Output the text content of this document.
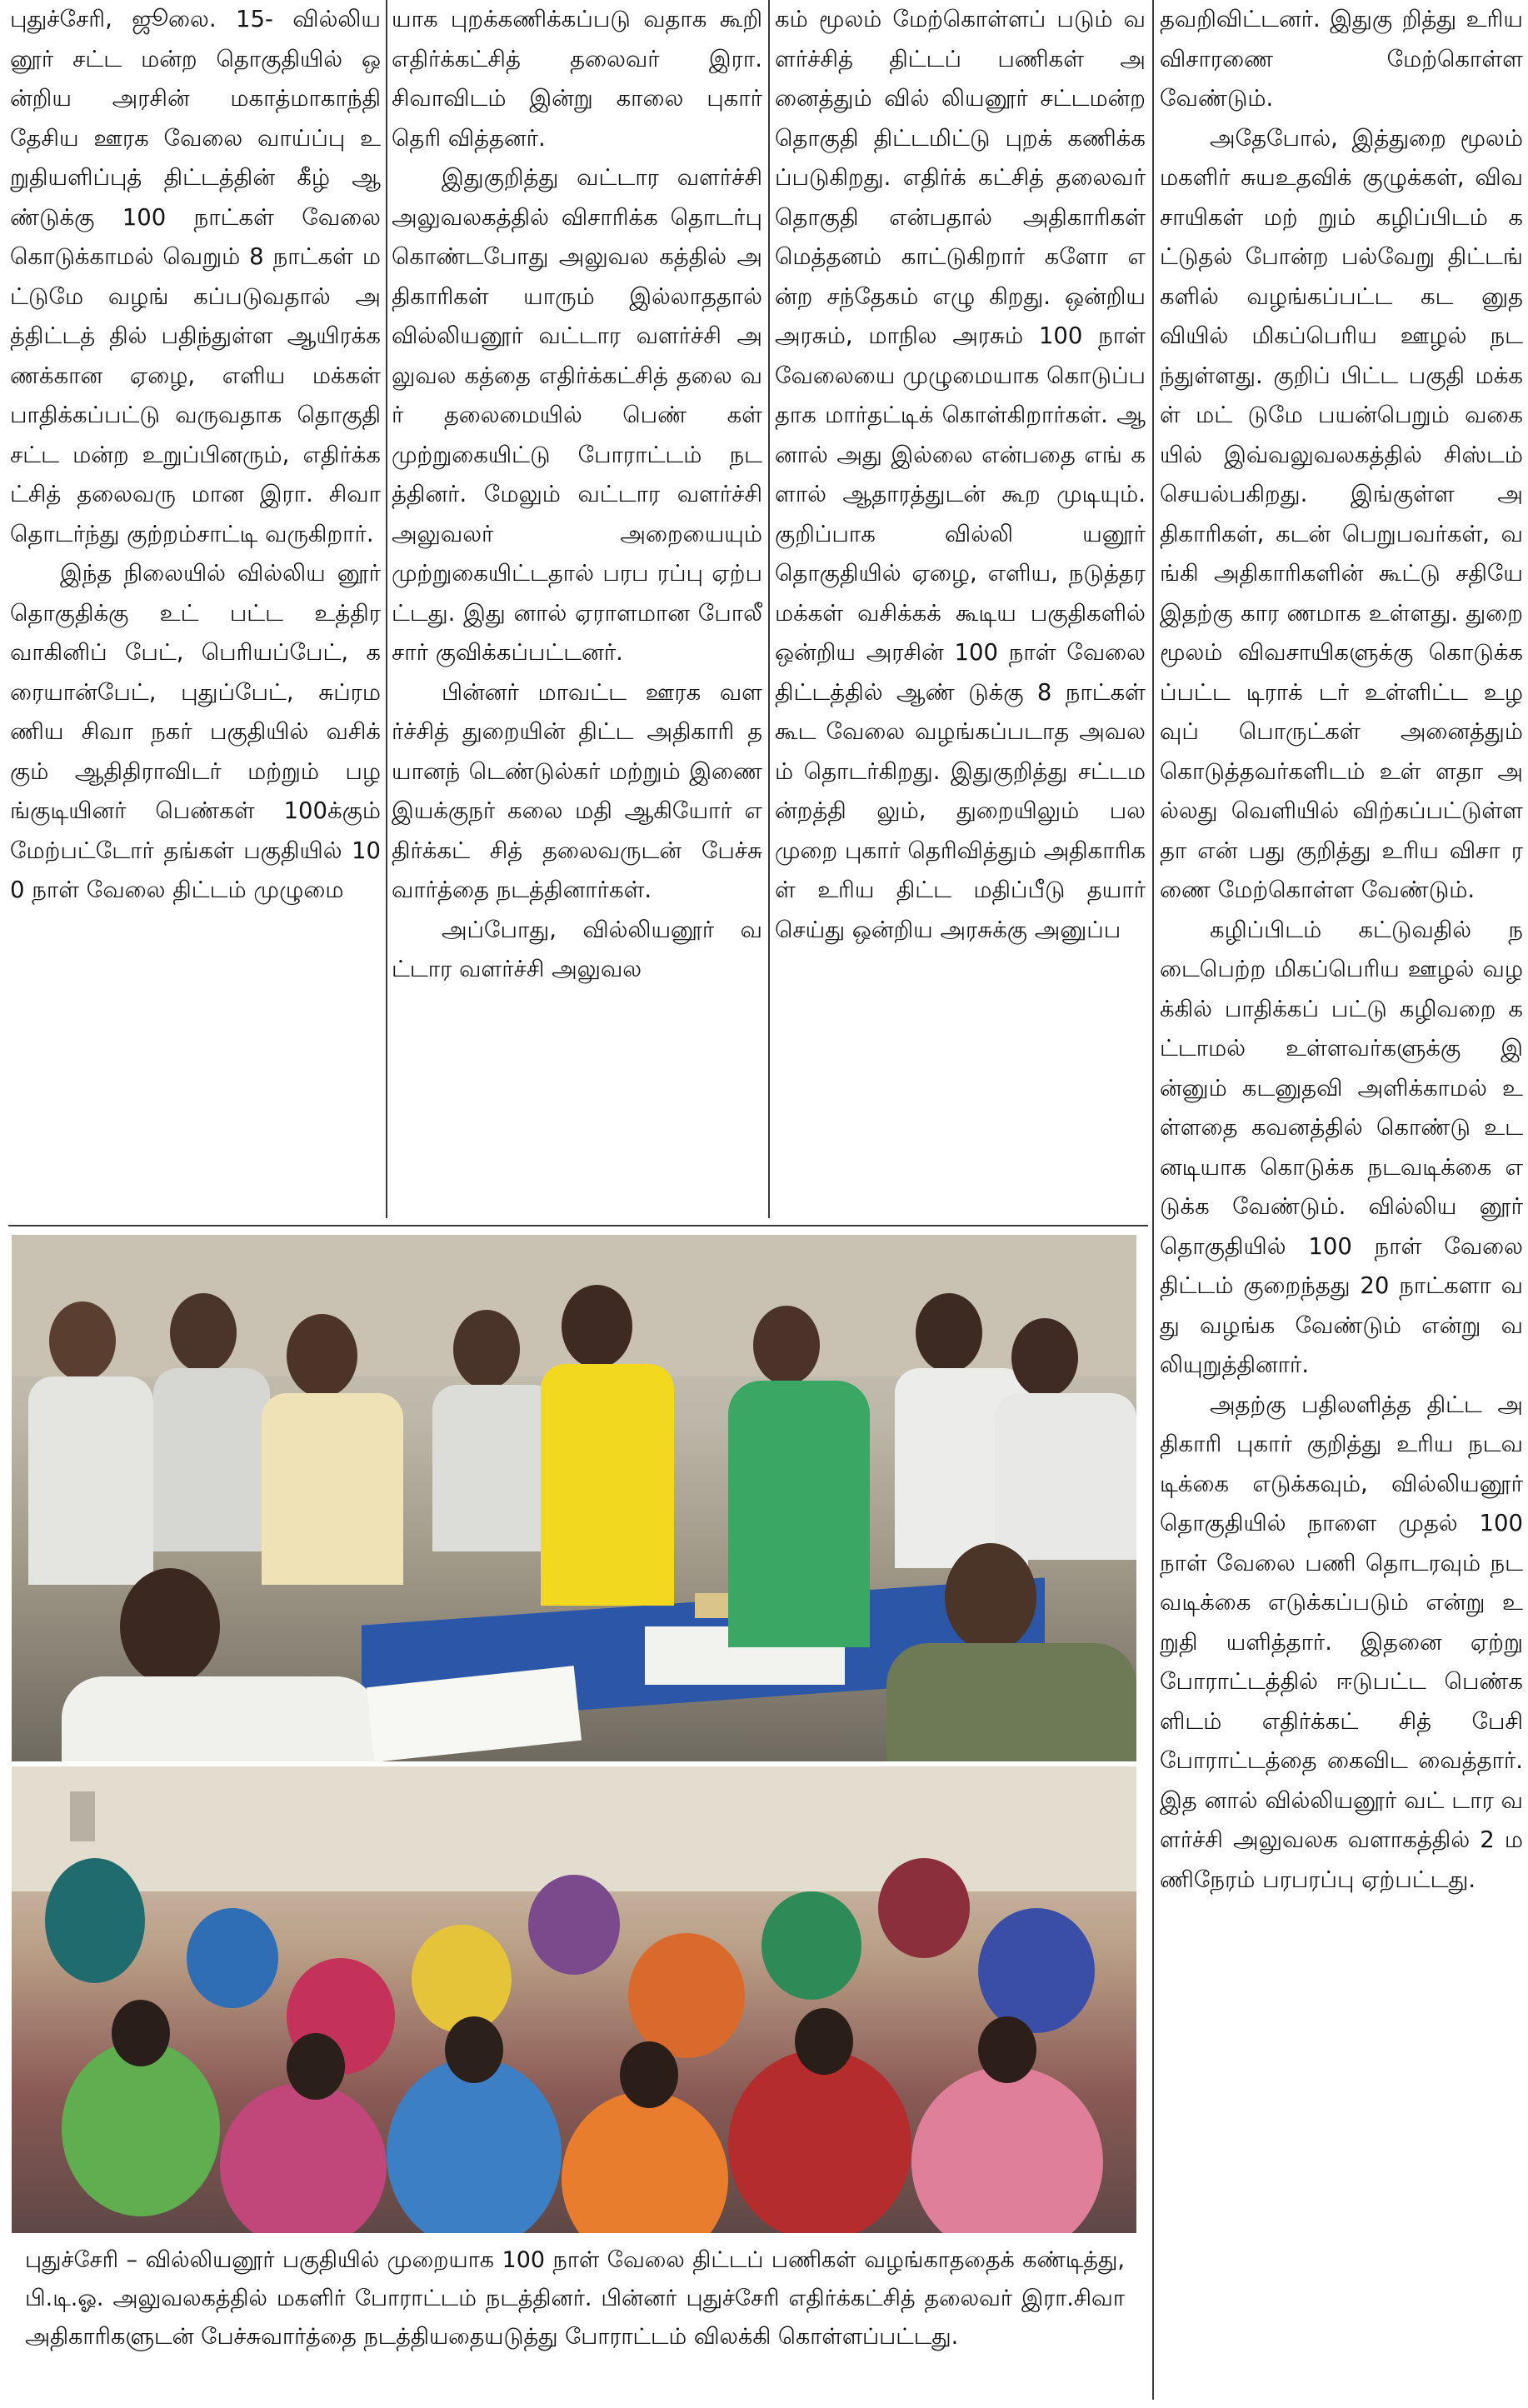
புதுச்சேரி, ஜூலை. 15- வில்லியனூர் சட்ட மன்ற தொகுதியில் ஒன்றிய அரசின் மகாத்மாகாந்தி தேசிய ஊரக வேலை வாய்ப்பு உறுதியளிப்புத் திட்டத்தின் கீழ் ஆண்டுக்கு 100 நாட்கள் வேலை கொடுக்காமல் வெறும் 8 நாட்கள் மட்டுமே வழங் கப்படுவதால் அத்திட்டத் தில் பதிந்துள்ள ஆயிரக்க ணக்கான ஏழை, எளிய மக்கள் பாதிக்கப்பட்டு வருவதாக தொகுதி சட்ட மன்ற உறுப்பினரும், எதிர்க்கட்சித் தலைவரு மான இரா. சிவா தொடர்ந்து குற்றம்சாட்டி வருகிறார்.

இந்த நிலையில் வில்லிய னூர் தொகுதிக்கு உட் பட்ட உத்திரவாகினிப் பேட், பெரியப்பேட், கரையான்பேட், புதுப்பேட், சுப்ரமணிய சிவா நகர் பகுதியில் வசிக் கும் ஆதிதிராவிடர் மற்றும் பழங்குடியினர் பெண்கள் 100க்கும் மேற்பட்டோர் தங்கள் பகுதியில் 100 நாள் வேலை திட்டம் முழுமை

யாக புறக்கணிக்கப்படு வதாக கூறி எதிர்க்கட்சித் தலைவர் இரா. சிவாவிடம் இன்று காலை புகார் தெரி வித்தனர்.

இதுகுறித்து வட்டார வளர்ச்சி அலுவலகத்தில் விசாரிக்க தொடர்பு கொண்டபோது அலுவல கத்தில் அதிகாரிகள் யாரும் இல்லாததால் வில்லியனூர் வட்டார வளர்ச்சி அலுவல கத்தை எதிர்க்கட்சித் தலை வர் தலைமையில் பெண் கள் முற்றுகையிட்டு போராட்டம் நடத்தினர். மேலும் வட்டார வளர்ச்சி அலுவலர் அறையையும் முற்றுகையிட்டதால் பரப ரப்பு ஏற்பட்டது. இது னால் ஏராளமான போலீ சார் குவிக்கப்பட்டனர்.

பின்னர் மாவட்ட ஊரக வளர்ச்சித் துறையின் திட்ட அதிகாரி தயானந் டெண்டுல்கர் மற்றும் இணை இயக்குநர் கலை மதி ஆகியோர் எதிர்க்கட் சித் தலைவருடன் பேச்சு வார்த்தை நடத்தினார்கள்.

அப்போது, வில்லியனூர் வட்டார வளர்ச்சி அலுவல

கம் மூலம் மேற்கொள்ளப் படும் வளர்ச்சித் திட்டப் பணிகள் அனைத்தும் வில் லியனூர் சட்டமன்ற தொகுதி திட்டமிட்டு புறக் கணிக்கப்படுகிறது. எதிர்க் கட்சித் தலைவர் தொகுதி என்பதால் அதிகாரிகள் மெத்தனம் காட்டுகிறார் களோ என்ற சந்தேகம் எழு கிறது. ஒன்றிய அரசும், மாநில அரசும் 100 நாள் வேலையை முழுமையாக கொடுப்பதாக மார்தட்டிக் கொள்கிறார்கள். ஆனால் அது இல்லை என்பதை எங் களால் ஆதாரத்துடன் கூற முடியும். குறிப்பாக வில்லி யனூர் தொகுதியில் ஏழை, எளிய, நடுத்தர மக்கள் வசிக்கக் கூடிய பகுதிகளில் ஒன்றிய அரசின் 100 நாள் வேலை திட்டத்தில் ஆண் டுக்கு 8 நாட்கள் கூட வேலை வழங்கப்படாத அவலம் தொடர்கிறது. இதுகுறித்து சட்டமன்றத்தி லும், துறையிலும் பல முறை புகார் தெரிவித்தும் அதிகாரிகள் உரிய திட்ட மதிப்பீடு தயார் செய்து ஒன்றிய அரசுக்கு அனுப்ப

தவறிவிட்டனர். இதுகு றித்து உரிய விசாரணை மேற்கொள்ள வேண்டும்.

அதேபோல், இத்துறை மூலம் மகளிர் சுயஉதவிக் குழுக்கள், விவசாயிகள் மற் றும் கழிப்பிடம் கட்டுதல் போன்ற பல்வேறு திட்டங் களில் வழங்கப்பட்ட கட னுதவியில் மிகப்பெரிய ஊழல் நடந்துள்ளது. குறிப் பிட்ட பகுதி மக்கள் மட் டுமே பயன்பெறும் வகை யில் இவ்வலுவலகத்தில் சிஸ்டம் செயல்பகிறது. இங்குள்ள அதிகாரிகள், கடன் பெறுபவர்கள், வங்கி அதிகாரிகளின் கூட்டு சதியே இதற்கு கார ணமாக உள்ளது. துறை மூலம் விவசாயிகளுக்கு கொடுக்கப்பட்ட டிராக் டர் உள்ளிட்ட உழவுப் பொருட்கள் அனைத்தும் கொடுத்தவர்களிடம் உள் ளதா அல்லது வெளியில் விற்கப்பட்டுள்ளதா என் பது குறித்து உரிய விசா ரணை மேற்கொள்ள வேண்டும்.

கழிப்பிடம் கட்டுவதில் நடைபெற்ற மிகப்பெரிய ஊழல் வழக்கில் பாதிக்கப் பட்டு கழிவறை கட்டாமல் உள்ளவர்களுக்கு இன்னும் கடனுதவி அளிக்காமல் உள்ளதை கவனத்தில் கொண்டு உடனடியாக கொடுக்க நடவடிக்கை எடுக்க வேண்டும். வில்லிய னூர் தொகுதியில் 100 நாள் வேலை திட்டம் குறைந்தது 20 நாட்களா வது வழங்க வேண்டும் என்று வலியுறுத்தினார்.

அதற்கு பதிலளித்த திட்ட அதிகாரி புகார் குறித்து உரிய நடவடிக்கை எடுக்கவும், வில்லியனூர் தொகுதியில் நாளை முதல் 100 நாள் வேலை பணி தொடரவும் நடவடிக்கை எடுக்கப்படும் என்று உறுதி யளித்தார். இதனை ஏற்று போராட்டத்தில் ஈடுபட்ட பெண்களிடம் எதிர்க்கட் சித் பேசி போராட்டத்தை கைவிட வைத்தார். இத னால் வில்லியனூர் வட் டார வளர்ச்சி அலுவலக வளாகத்தில் 2 மணிநேரம் பரபரப்பு ஏற்பட்டது.

புதுச்சேரி – வில்லியனூர் பகுதியில் முறையாக 100 நாள் வேலை திட்டப் பணிகள் வழங்காததைக் கண்டித்து, பி.டி.ஓ. அலுவலகத்தில் மகளிர் போராட்டம் நடத்தினர். பின்னர் புதுச்சேரி எதிர்க்கட்சித் தலைவர் இரா.சிவா அதிகாரிகளுடன் பேச்சுவார்த்தை நடத்தியதையடுத்து போராட்டம் விலக்கி கொள்ளப்பட்டது.
